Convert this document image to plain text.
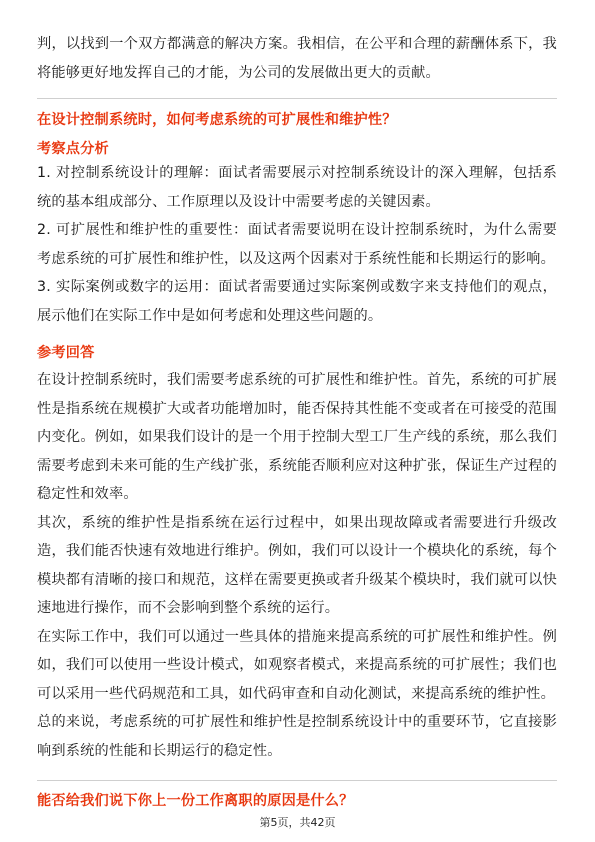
判，以找到一个双方都满意的解决方案。我相信，在公平和合理的薪酬体系下，我将能够更好地发挥自己的才能，为公司的发展做出更大的贡献。

在设计控制系统时，如何考虑系统的可扩展性和维护性？

考察点分析

1. 对控制系统设计的理解：面试者需要展示对控制系统设计的深入理解，包括系统的基本组成部分、工作原理以及设计中需要考虑的关键因素。

2. 可扩展性和维护性的重要性：面试者需要说明在设计控制系统时，为什么需要考虑系统的可扩展性和维护性，以及这两个因素对于系统性能和长期运行的影响。

3. 实际案例或数字的运用：面试者需要通过实际案例或数字来支持他们的观点，展示他们在实际工作中是如何考虑和处理这些问题的。

参考回答

在设计控制系统时，我们需要考虑系统的可扩展性和维护性。首先，系统的可扩展性是指系统在规模扩大或者功能增加时，能否保持其性能不变或者在可接受的范围内变化。例如，如果我们设计的是一个用于控制大型工厂生产线的系统，那么我们需要考虑到未来可能的生产线扩张，系统能否顺利应对这种扩张，保证生产过程的稳定性和效率。

其次，系统的维护性是指系统在运行过程中，如果出现故障或者需要进行升级改造，我们能否快速有效地进行维护。例如，我们可以设计一个模块化的系统，每个模块都有清晰的接口和规范，这样在需要更换或者升级某个模块时，我们就可以快速地进行操作，而不会影响到整个系统的运行。

在实际工作中，我们可以通过一些具体的措施来提高系统的可扩展性和维护性。例如，我们可以使用一些设计模式，如观察者模式，来提高系统的可扩展性；我们也可以采用一些代码规范和工具，如代码审查和自动化测试，来提高系统的维护性。

总的来说，考虑系统的可扩展性和维护性是控制系统设计中的重要环节，它直接影响到系统的性能和长期运行的稳定性。

能否给我们说下你上一份工作离职的原因是什么？

第5页，共42页
